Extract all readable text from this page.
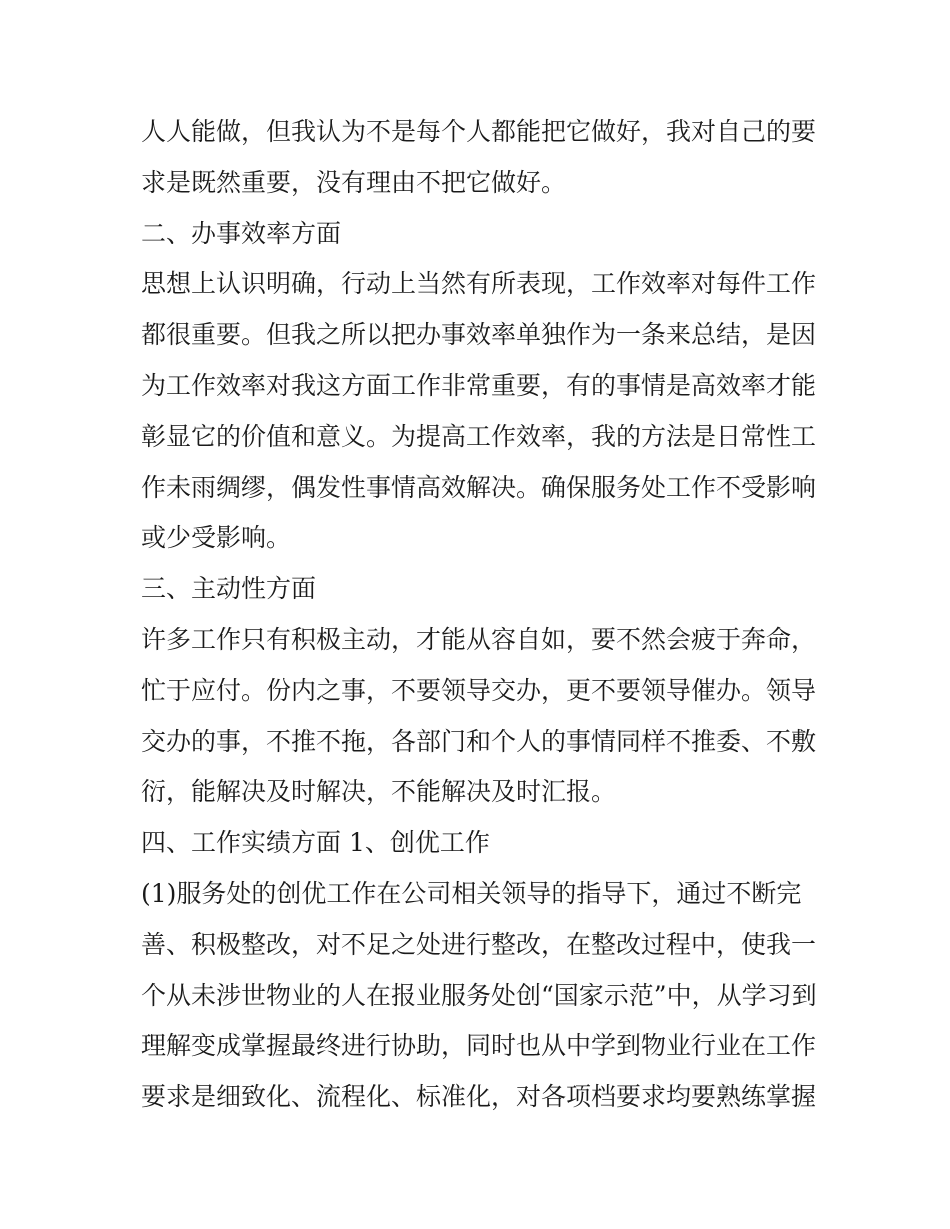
人人能做，但我认为不是每个人都能把它做好，我对自己的要
求是既然重要，没有理由不把它做好。
二、办事效率方面
思想上认识明确，行动上当然有所表现，工作效率对每件工作
都很重要。但我之所以把办事效率单独作为一条来总结，是因
为工作效率对我这方面工作非常重要，有的事情是高效率才能
彰显它的价值和意义。为提高工作效率，我的方法是日常性工
作未雨绸缪，偶发性事情高效解决。确保服务处工作不受影响
或少受影响。
三、主动性方面
许多工作只有积极主动，才能从容自如，要不然会疲于奔命，
忙于应付。份内之事，不要领导交办，更不要领导催办。领导
交办的事，不推不拖，各部门和个人的事情同样不推委、不敷
衍，能解决及时解决，不能解决及时汇报。
四、工作实绩方面 1、创优工作
(1)服务处的创优工作在公司相关领导的指导下，通过不断完
善、积极整改，对不足之处进行整改，在整改过程中，使我一
个从未涉世物业的人在报业服务处创“国家示范”中，从学习到
理解变成掌握最终进行协助，同时也从中学到物业行业在工作
要求是细致化、流程化、标准化，对各项档要求均要熟练掌握
